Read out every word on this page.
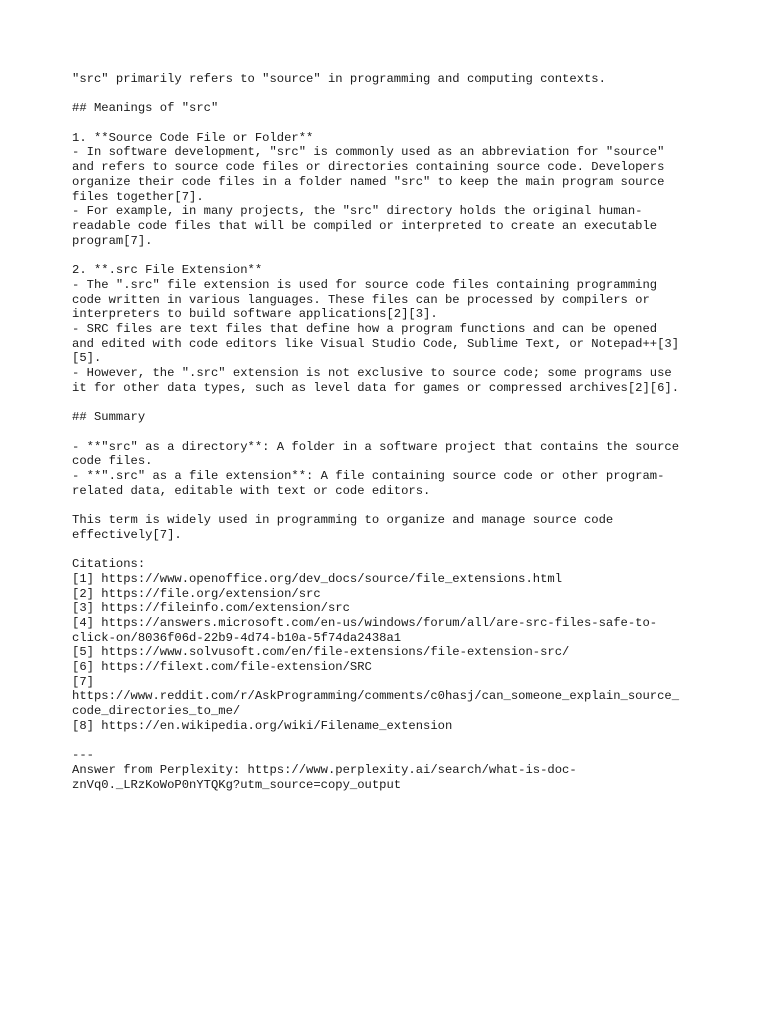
"src" primarily refers to "source" in programming and computing contexts.
## Meanings of "src"
1. **Source Code File or Folder**
- In software development, "src" is commonly used as an abbreviation for "source"
and refers to source code files or directories containing source code. Developers
organize their code files in a folder named "src" to keep the main program source
files together[7].
- For example, in many projects, the "src" directory holds the original human-
readable code files that will be compiled or interpreted to create an executable
program[7].
2. **.src File Extension**
- The ".src" file extension is used for source code files containing programming
code written in various languages. These files can be processed by compilers or
interpreters to build software applications[2][3].
- SRC files are text files that define how a program functions and can be opened
and edited with code editors like Visual Studio Code, Sublime Text, or Notepad++[3]
[5].
- However, the ".src" extension is not exclusive to source code; some programs use
it for other data types, such as level data for games or compressed archives[2][6].
## Summary
- **"src" as a directory**: A folder in a software project that contains the source
code files.
- **".src" as a file extension**: A file containing source code or other program-
related data, editable with text or code editors.
This term is widely used in programming to organize and manage source code
effectively[7].
Citations:
[1] https://www.openoffice.org/dev_docs/source/file_extensions.html
[2] https://file.org/extension/src
[3] https://fileinfo.com/extension/src
[4] https://answers.microsoft.com/en-us/windows/forum/all/are-src-files-safe-to-
click-on/8036f06d-22b9-4d74-b10a-5f74da2438a1
[5] https://www.solvusoft.com/en/file-extensions/file-extension-src/
[6] https://filext.com/file-extension/SRC
[7]
https://www.reddit.com/r/AskProgramming/comments/c0hasj/can_someone_explain_source_
code_directories_to_me/
[8] https://en.wikipedia.org/wiki/Filename_extension
---
Answer from Perplexity: https://www.perplexity.ai/search/what-is-doc-
znVq0._LRzKoWoP0nYTQKg?utm_source=copy_output
